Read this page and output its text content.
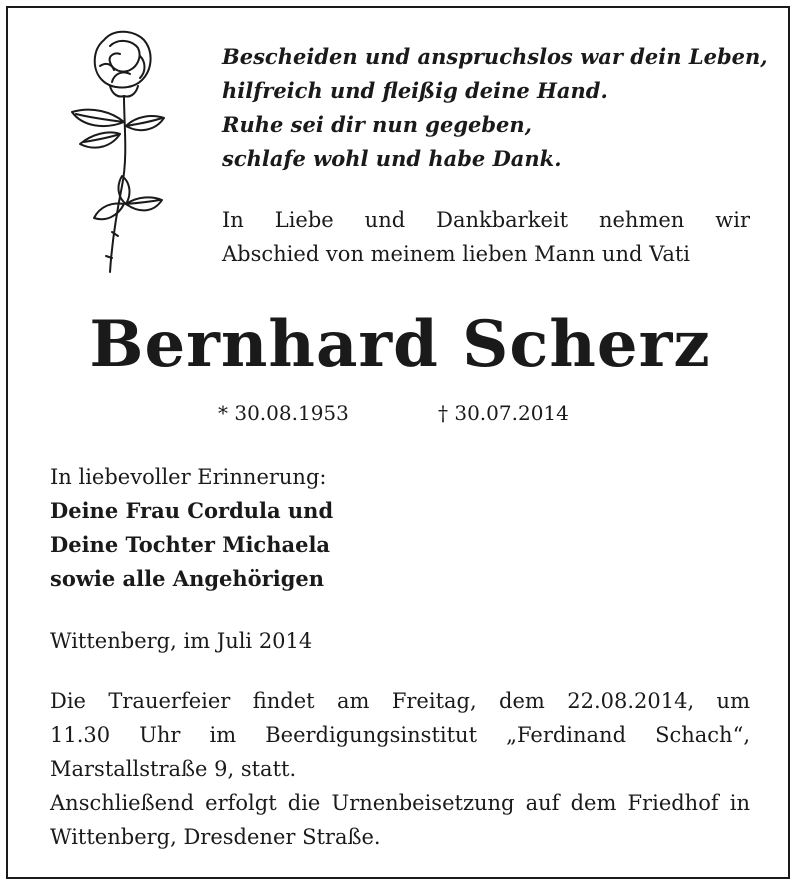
Bescheiden und anspruchslos war dein Leben,
hilfreich und fleißig deine Hand.
Ruhe sei dir nun gegeben,
schlafe wohl und habe Dank.
In Liebe und Dankbarkeit nehmen wir
Abschied von meinem lieben Mann und Vati
Bernhard Scherz
* 30.08.1953	† 30.07.2014
In liebevoller Erinnerung:
Deine Frau Cordula und
Deine Tochter Michaela
sowie alle Angehörigen
Wittenberg, im Juli 2014
Die Trauerfeier findet am Freitag, dem 22.08.2014, um
11.30 Uhr im Beerdigungsinstitut „Ferdinand Schach“,
Marstallstraße 9, statt.
Anschließend erfolgt die Urnenbeisetzung auf dem Friedhof in
Wittenberg, Dresdener Straße.
